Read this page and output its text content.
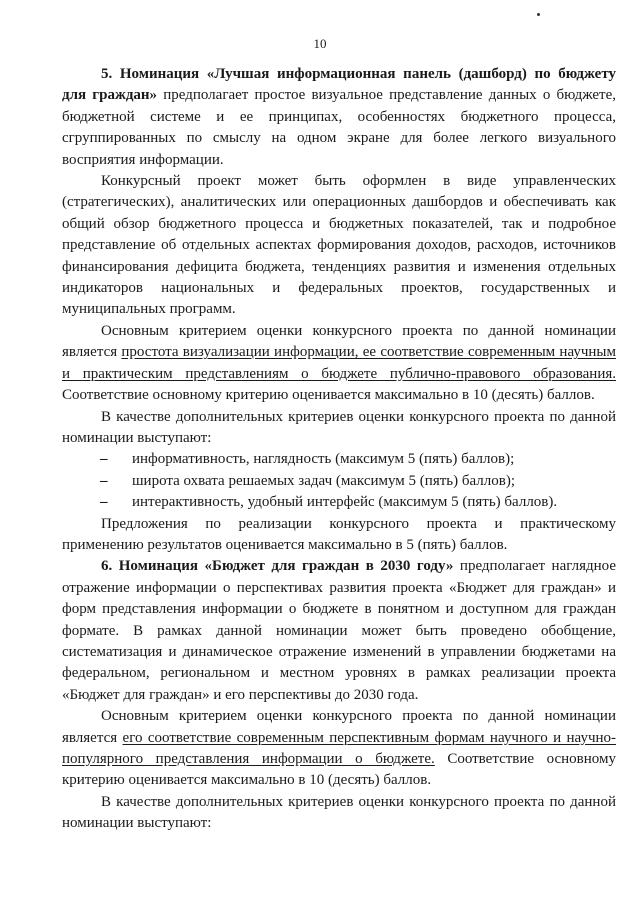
10

5. Номинация «Лучшая информационная панель (дашборд) по бюджету для граждан» предполагает простое визуальное представление данных о бюджете, бюджетной системе и ее принципах, особенностях бюджетного процесса, сгруппированных по смыслу на одном экране для более легкого визуального восприятия информации.

Конкурсный проект может быть оформлен в виде управленческих (стратегических), аналитических или операционных дашбордов и обеспечивать как общий обзор бюджетного процесса и бюджетных показателей, так и подробное представление об отдельных аспектах формирования доходов, расходов, источников финансирования дефицита бюджета, тенденциях развития и изменения отдельных индикаторов национальных и федеральных проектов, государственных и муниципальных программ.

Основным критерием оценки конкурсного проекта по данной номинации является простота визуализации информации, ее соответствие современным научным и практическим представлениям о бюджете публично-правового образования. Соответствие основному критерию оценивается максимально в 10 (десять) баллов.

В качестве дополнительных критериев оценки конкурсного проекта по данной номинации выступают:

– информативность, наглядность (максимум 5 (пять) баллов);
– широта охвата решаемых задач (максимум 5 (пять) баллов);
– интерактивность, удобный интерфейс (максимум 5 (пять) баллов).

Предложения по реализации конкурсного проекта и практическому применению результатов оценивается максимально в 5 (пять) баллов.

6. Номинация «Бюджет для граждан в 2030 году» предполагает наглядное отражение информации о перспективах развития проекта «Бюджет для граждан» и форм представления информации о бюджете в понятном и доступном для граждан формате. В рамках данной номинации может быть проведено обобщение, систематизация и динамическое отражение изменений в управлении бюджетами на федеральном, региональном и местном уровнях в рамках реализации проекта «Бюджет для граждан» и его перспективы до 2030 года.

Основным критерием оценки конкурсного проекта по данной номинации является его соответствие современным перспективным формам научного и научно-популярного представления информации о бюджете. Соответствие основному критерию оценивается максимально в 10 (десять) баллов.

В качестве дополнительных критериев оценки конкурсного проекта по данной номинации выступают:
